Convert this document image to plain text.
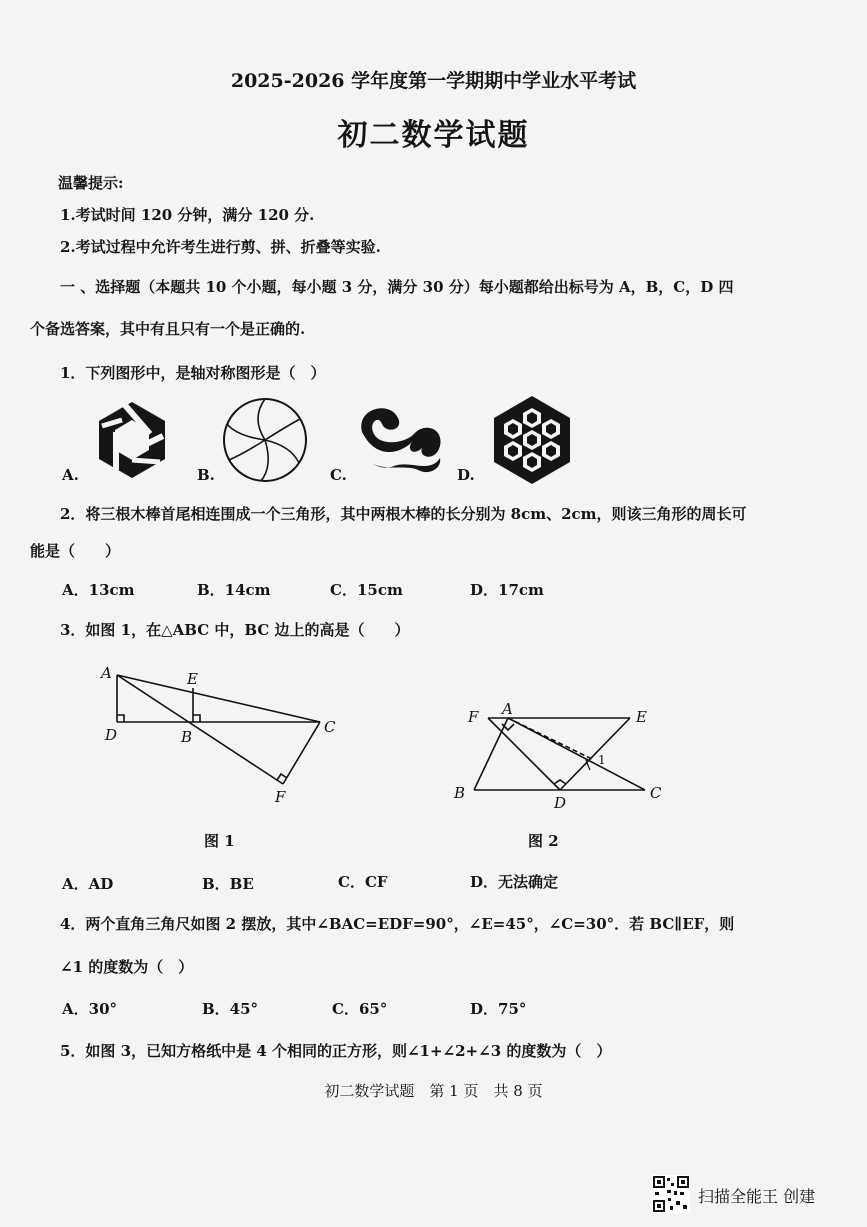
2025-2026 学年度第一学期期中学业水平考试
初二数学试题
温馨提示:
1.考试时间 120 分钟，满分 120 分.
2.考试过程中允许考生进行剪、拼、折叠等实验.
一 、选择题（本题共 10 个小题，每小题 3 分，满分 30 分）每小题都给出标号为 A，B，C，D 四
个备选答案，其中有且只有一个是正确的.
1．下列图形中，是轴对称图形是（　）
A.	B.	C.	D.
2．将三根木棒首尾相连围成一个三角形，其中两根木棒的长分别为 8cm、2cm，则该三角形的周长可
能是（　　）
A．13cm	B．14cm	C．15cm	D．17cm
3．如图 1，在△ABC 中，BC 边上的高是（　　）
A
D	B
E
C
F
F A	E
B
D
C
1
图 1	图 2
A．AD	B．BE	C．CF	D．无法确定
4．两个直角三角尺如图 2 摆放，其中∠BAC=EDF=90°，∠E=45°，∠C=30°．若 BC∥EF，则
∠1 的度数为（　）
A．30°	B．45°	C．65°	D．75°
5．如图 3，已知方格纸中是 4 个相同的正方形，则∠1+∠2+∠3 的度数为（　）
初二数学试题　第 1 页　共 8 页
扫描全能王 创建
